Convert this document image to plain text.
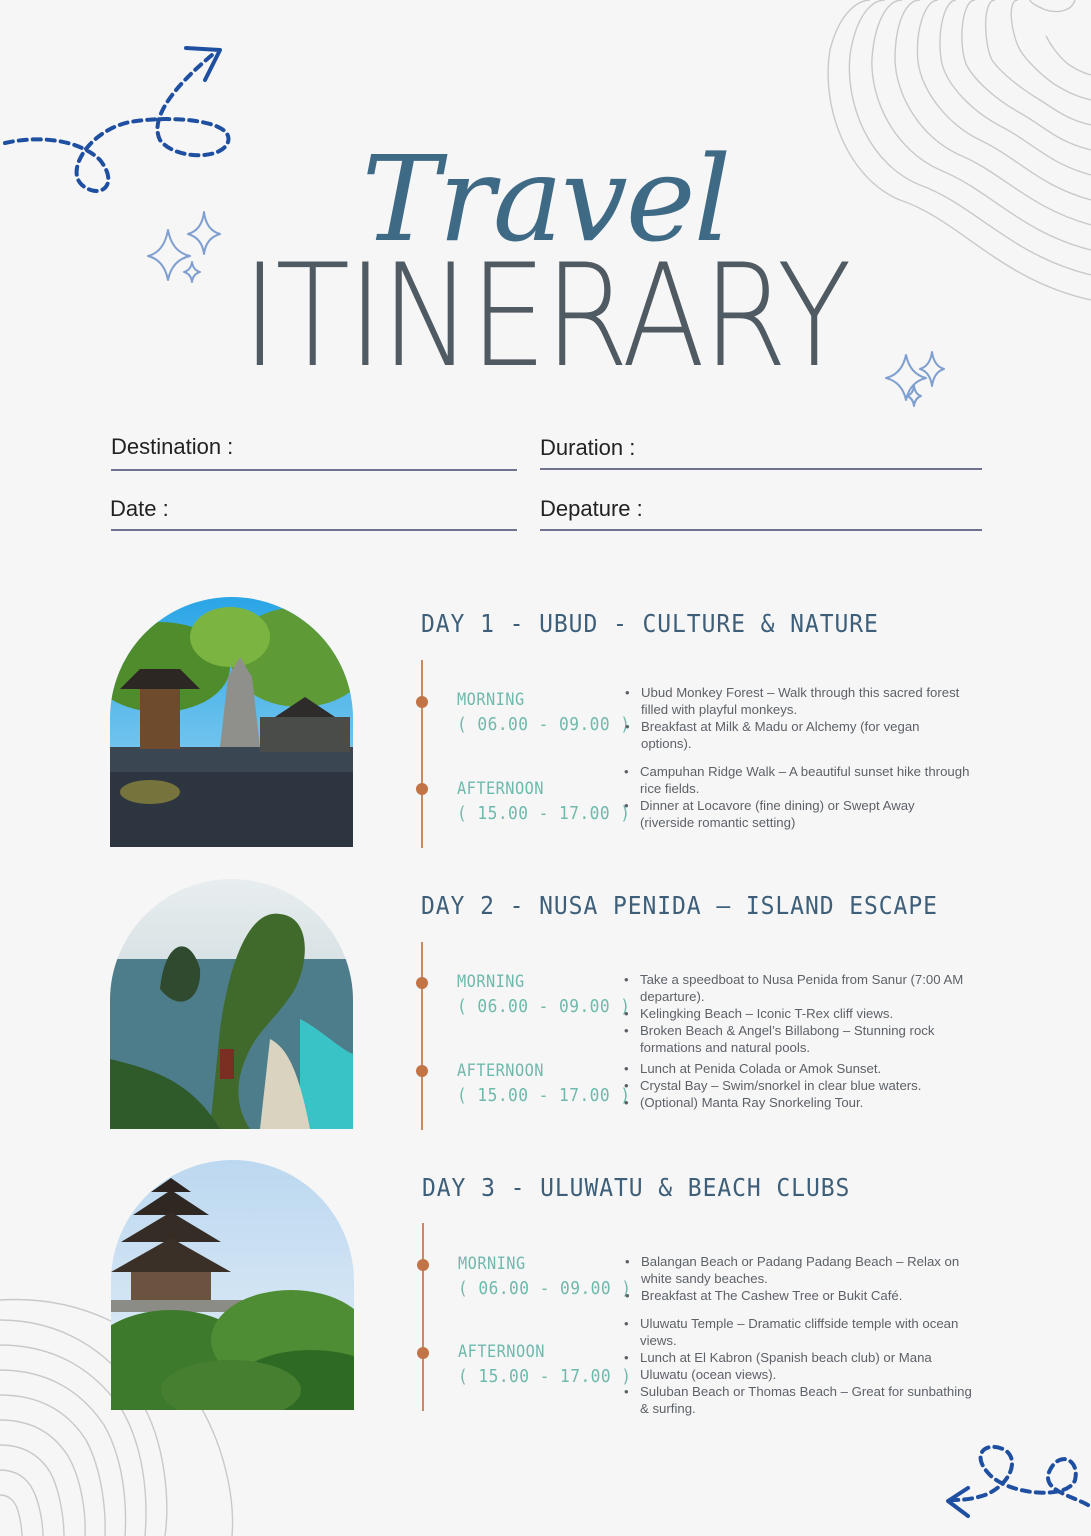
Travel
ITINERARY
Destination :	Duration :
Date :	Depature :
DAY 1 - UBUD - CULTURE & NATURE
MORNING
( 06.00 - 09.00 )
AFTERNOON
( 15.00 - 17.00 )
• Ubud Monkey Forest – Walk through this sacred forest filled with playful monkeys.
• Breakfast at Milk & Madu or Alchemy (for vegan options).
• Campuhan Ridge Walk – A beautiful sunset hike through rice fields.
• Dinner at Locavore (fine dining) or Swept Away (riverside romantic setting)
DAY 2 - NUSA PENIDA – ISLAND ESCAPE
MORNING
( 06.00 - 09.00 )
AFTERNOON
( 15.00 - 17.00 )
• Take a speedboat to Nusa Penida from Sanur (7:00 AM departure).
• Kelingking Beach – Iconic T-Rex cliff views.
• Broken Beach & Angel’s Billabong – Stunning rock formations and natural pools.
• Lunch at Penida Colada or Amok Sunset.
• Crystal Bay – Swim/snorkel in clear blue waters.
• (Optional) Manta Ray Snorkeling Tour.
DAY 3 - ULUWATU & BEACH CLUBS
MORNING
( 06.00 - 09.00 )
AFTERNOON
( 15.00 - 17.00 )
• Balangan Beach or Padang Padang Beach – Relax on white sandy beaches.
• Breakfast at The Cashew Tree or Bukit Café.
• Uluwatu Temple – Dramatic cliffside temple with ocean views.
• Lunch at El Kabron (Spanish beach club) or Mana Uluwatu (ocean views).
• Suluban Beach or Thomas Beach – Great for sunbathing & surfing.
